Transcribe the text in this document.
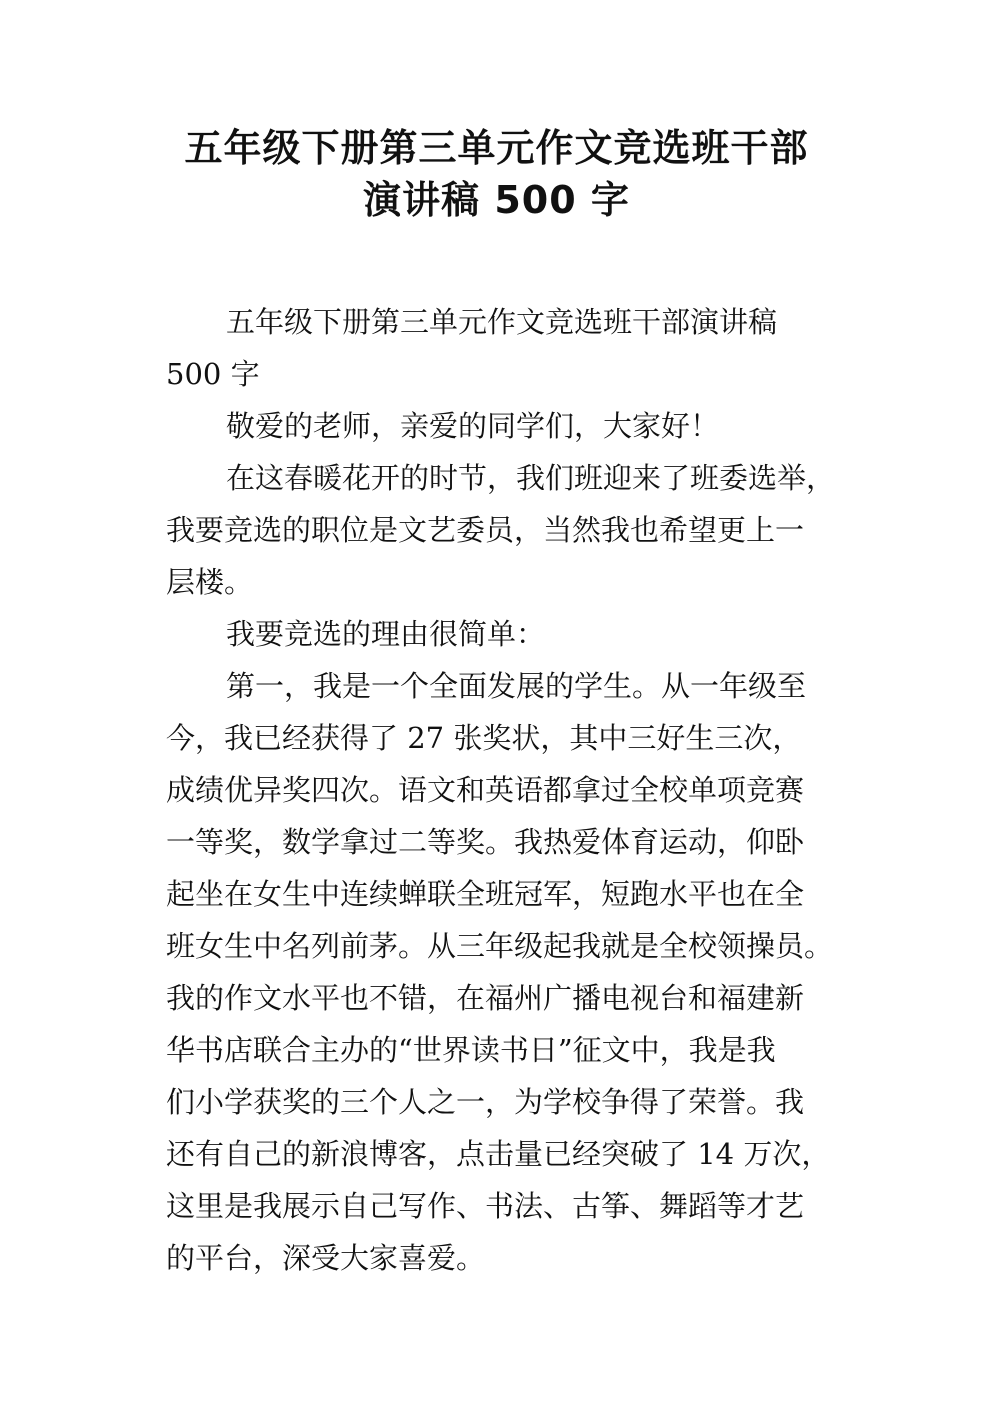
五年级下册第三单元作文竞选班干部
演讲稿 500 字
五年级下册第三单元作文竞选班干部演讲稿
500 字
敬爱的老师，亲爱的同学们，大家好！
在这春暖花开的时节，我们班迎来了班委选举，
我要竞选的职位是文艺委员，当然我也希望更上一
层楼。
我要竞选的理由很简单：
第一，我是一个全面发展的学生。从一年级至
今，我已经获得了 27 张奖状，其中三好生三次，
成绩优异奖四次。语文和英语都拿过全校单项竞赛
一等奖，数学拿过二等奖。我热爱体育运动，仰卧
起坐在女生中连续蝉联全班冠军，短跑水平也在全
班女生中名列前茅。从三年级起我就是全校领操员。
我的作文水平也不错，在福州广播电视台和福建新
华书店联合主办的“世界读书日”征文中，我是我
们小学获奖的三个人之一，为学校争得了荣誉。我
还有自己的新浪博客，点击量已经突破了 14 万次，
这里是我展示自己写作、书法、古筝、舞蹈等才艺
的平台，深受大家喜爱。
